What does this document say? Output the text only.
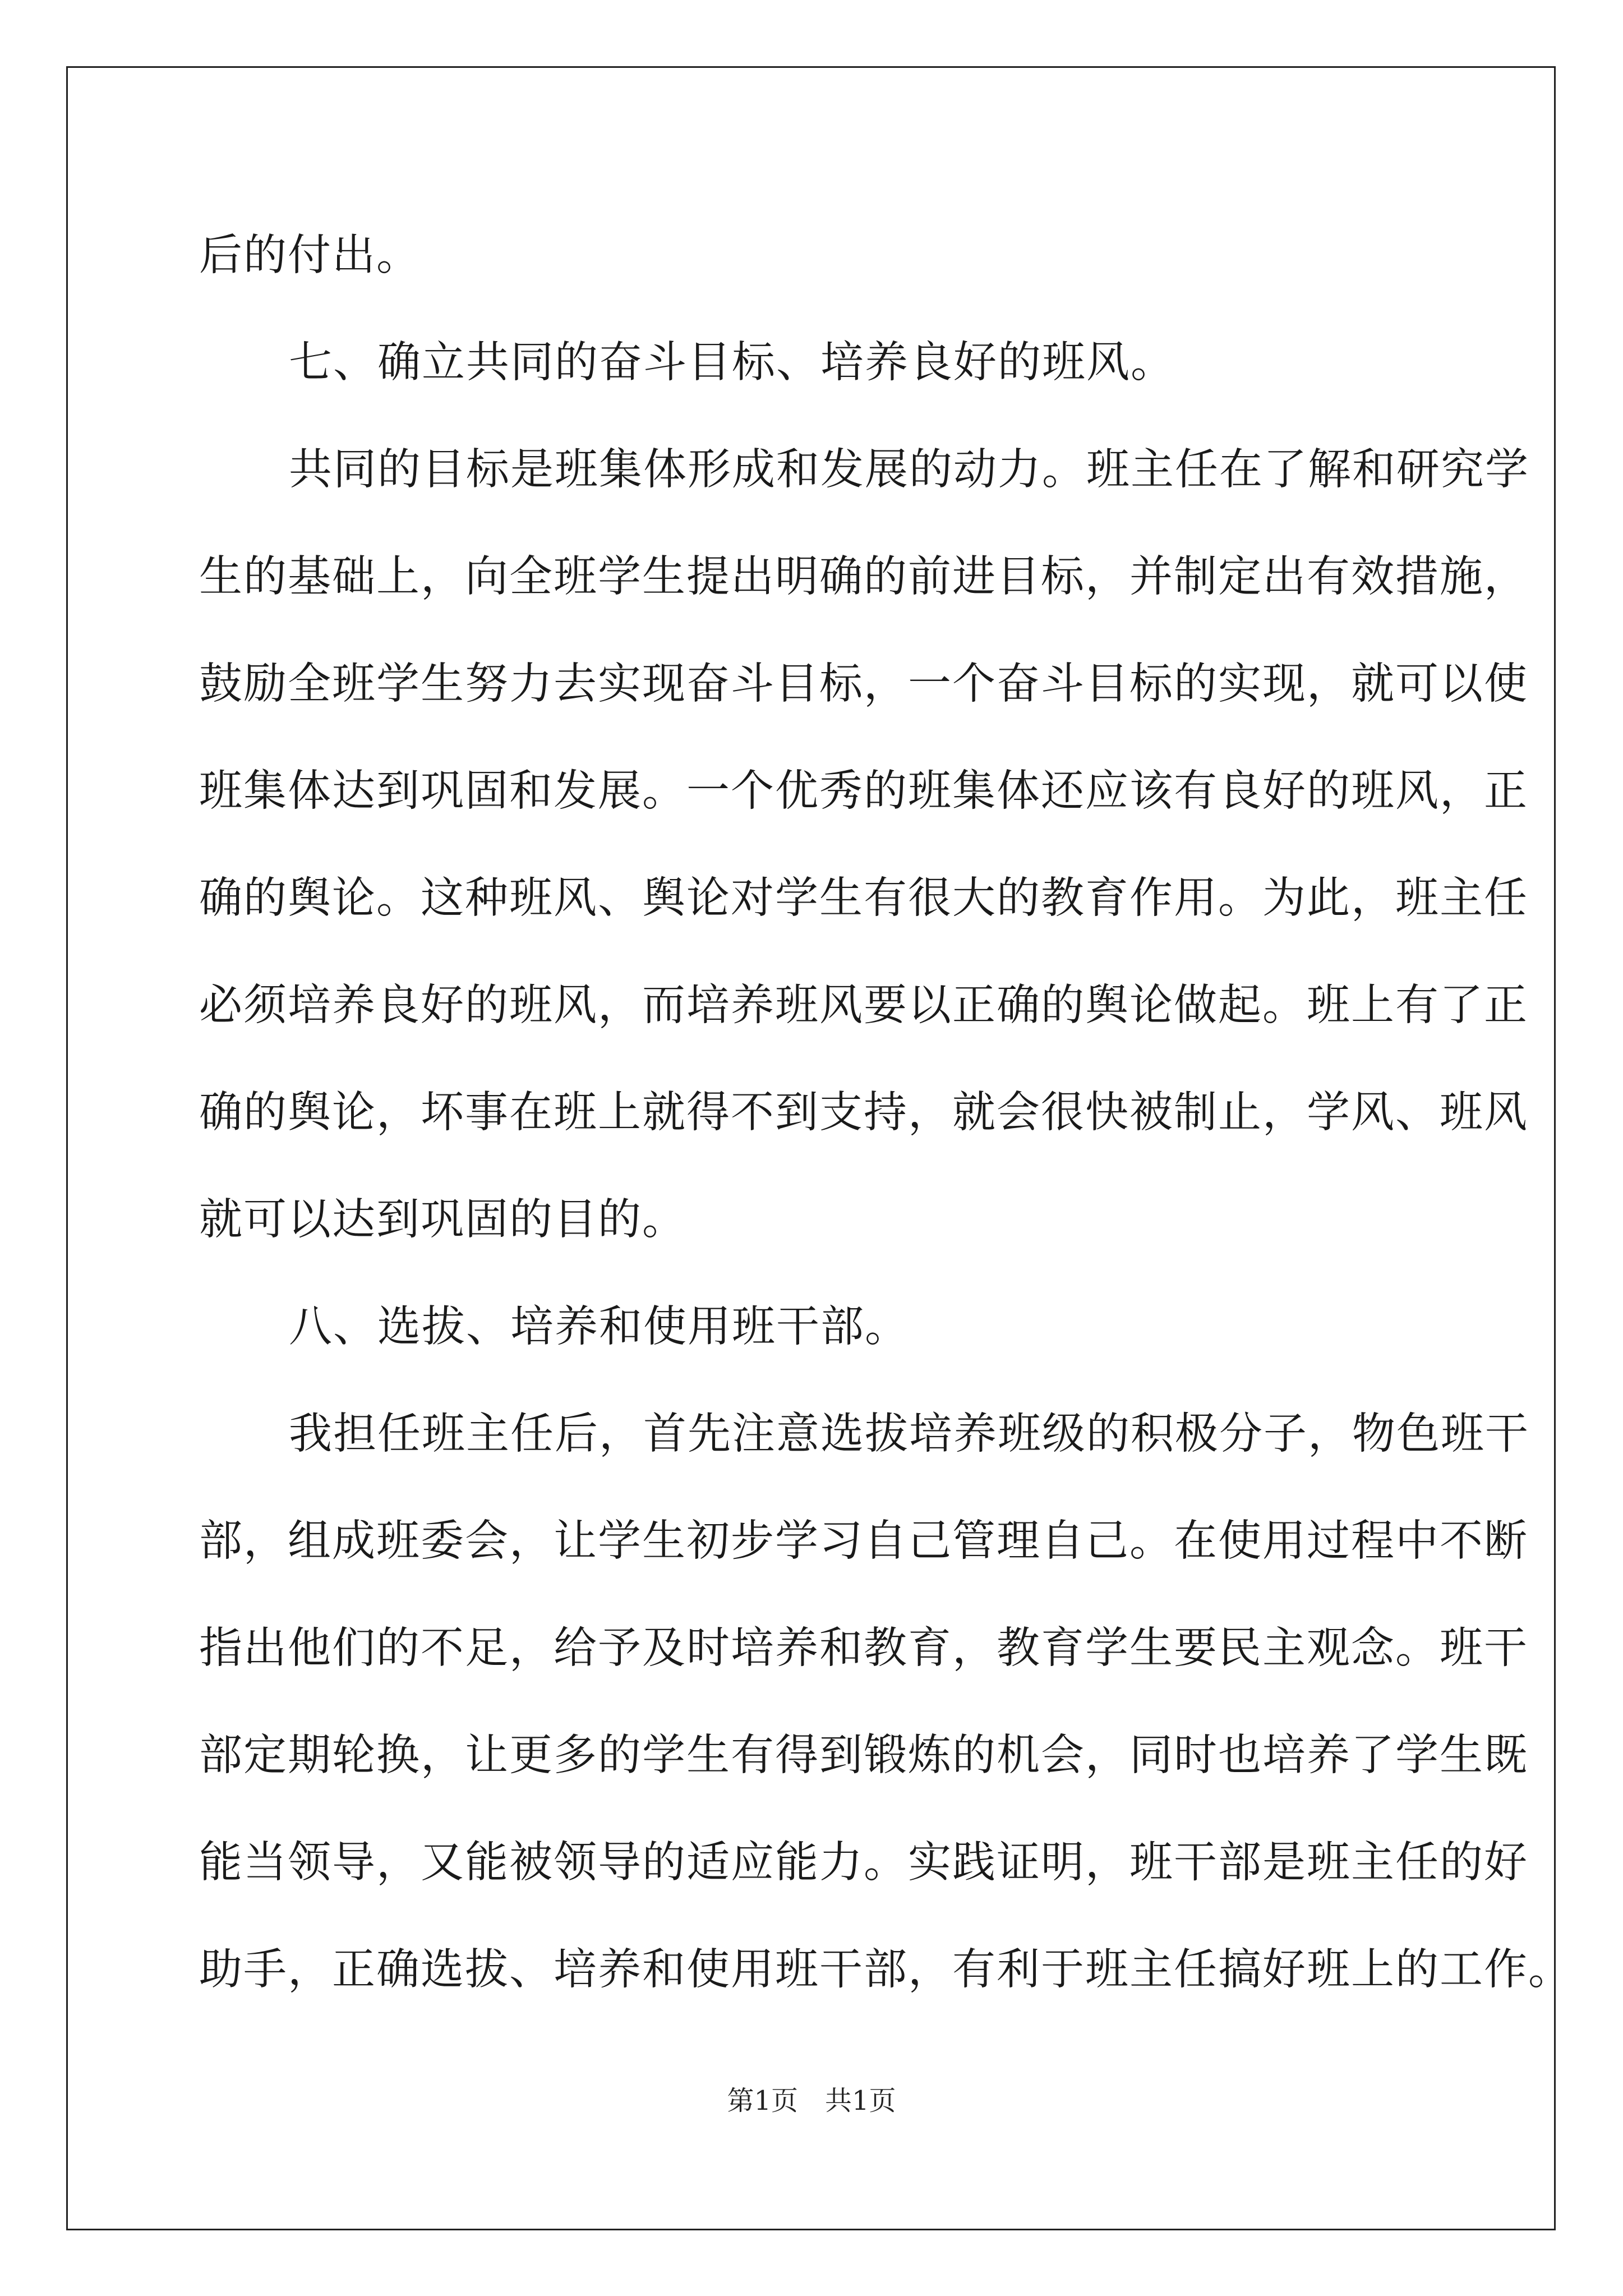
后的付出。
七、确立共同的奋斗目标、培养良好的班风。
共同的目标是班集体形成和发展的动力。班主任在了解和研究学
生的基础上，向全班学生提出明确的前进目标，并制定出有效措施，
鼓励全班学生努力去实现奋斗目标，一个奋斗目标的实现，就可以使
班集体达到巩固和发展。一个优秀的班集体还应该有良好的班风，正
确的舆论。这种班风、舆论对学生有很大的教育作用。为此，班主任
必须培养良好的班风，而培养班风要以正确的舆论做起。班上有了正
确的舆论，坏事在班上就得不到支持，就会很快被制止，学风、班风
就可以达到巩固的目的。
八、选拔、培养和使用班干部。
我担任班主任后，首先注意选拔培养班级的积极分子，物色班干
部，组成班委会，让学生初步学习自己管理自己。在使用过程中不断
指出他们的不足，给予及时培养和教育，教育学生要民主观念。班干
部定期轮换，让更多的学生有得到锻炼的机会，同时也培养了学生既
能当领导，又能被领导的适应能力。实践证明，班干部是班主任的好
助手，正确选拔、培养和使用班干部，有利于班主任搞好班上的工作。
第1页 共1页
